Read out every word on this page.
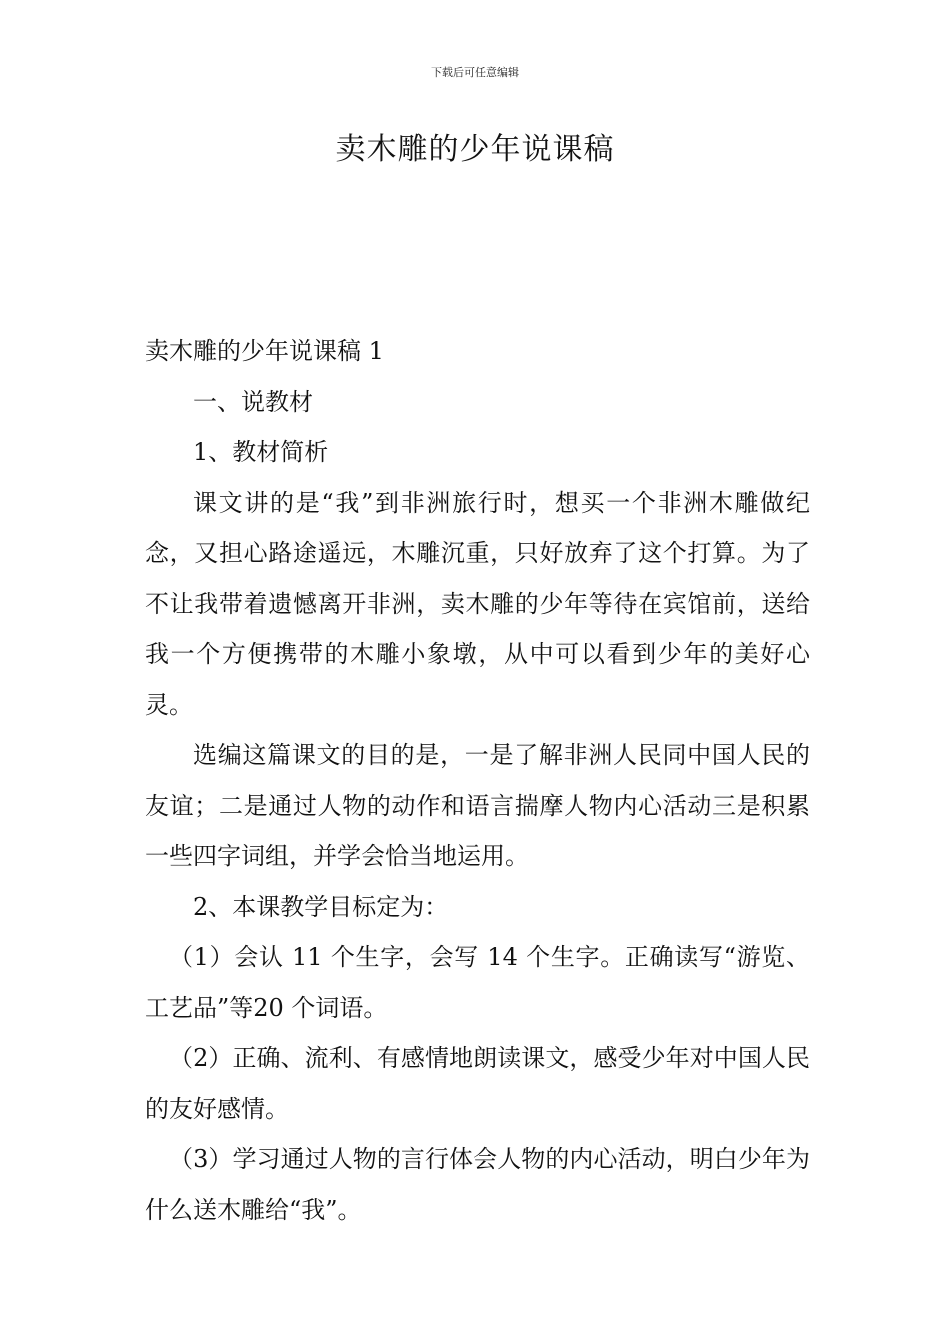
下载后可任意编辑
卖木雕的少年说课稿

卖木雕的少年说课稿 1

一、说教材

1、教材简析

课文讲的是“我”到非洲旅行时，想买一个非洲木雕做纪念，又担心路途遥远，木雕沉重，只好放弃了这个打算。为了不让我带着遗憾离开非洲，卖木雕的少年等待在宾馆前，送给我一个方便携带的木雕小象墩，从中可以看到少年的美好心灵。

选编这篇课文的目的是，一是了解非洲人民同中国人民的友谊；二是通过人物的动作和语言揣摩人物内心活动三是积累一些四字词组，并学会恰当地运用。

2、本课教学目标定为：

（1）会认 11 个生字，会写 14 个生字。正确读写“游览、工艺品”等20 个词语。

（2）正确、流利、有感情地朗读课文，感受少年对中国人民的友好感情。

（3）学习通过人物的言行体会人物的内心活动，明白少年为什么送木雕给“我”。
